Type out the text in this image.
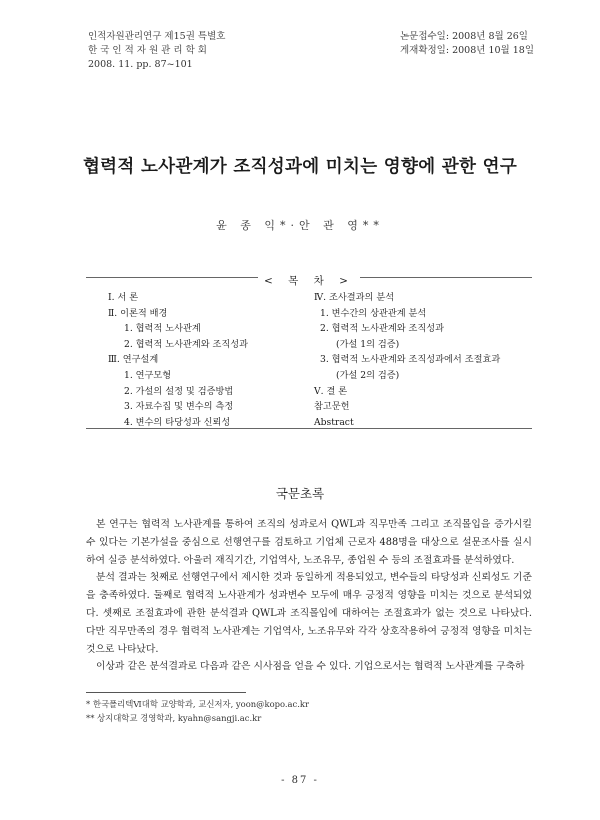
인적자원관리연구 제15권 특별호
한 국 인 적 자 원 관 리 학 회
2008. 11. pp. 87~101
논문접수일: 2008년 8월 26일
게재확정일: 2008년 10월 18일
협력적 노사관계가 조직성과에 미치는 영향에 관한 연구
윤 종 익*·안 관 영**
< 목 차 >
Ⅰ. 서 론
Ⅱ. 이론적 배경
1. 협력적 노사관계
2. 협력적 노사관계와 조직성과
Ⅲ. 연구설계
1. 연구모형
2. 가설의 설정 및 검증방법
3. 자료수집 및 변수의 측정
4. 변수의 타당성과 신뢰성
Ⅳ. 조사결과의 분석
1. 변수간의 상관관계 분석
2. 협력적 노사관계와 조직성과
(가설 1의 검증)
3. 협력적 노사관계와 조직성과에서 조절효과
(가설 2의 검증)
Ⅴ. 결 론
참고문헌
Abstract
국문초록

본 연구는 협력적 노사관계를 통하여 조직의 성과로서 QWL과 직무만족 그리고 조직몰입을 증가시킬 수 있다는 기본가설을 중심으로 선행연구를 검토하고 기업체 근로자 488명을 대상으로 설문조사를 실시하여 실증 분석하였다. 아울러 재직기간, 기업역사, 노조유무, 종업원 수 등의 조절효과를 분석하였다.

분석 결과는 첫째로 선행연구에서 제시한 것과 동일하게 적용되었고, 변수들의 타당성과 신뢰성도 기준을 충족하였다. 둘째로 협력적 노사관계가 성과변수 모두에 매우 긍정적 영향을 미치는 것으로 분석되었다. 셋째로 조절효과에 관한 분석결과 QWL과 조직몰입에 대하여는 조절효과가 없는 것으로 나타났다. 다만 직무만족의 경우 협력적 노사관계는 기업역사, 노조유무와 각각 상호작용하여 긍정적 영향을 미치는 것으로 나타났다.

이상과 같은 분석결과로 다음과 같은 시사점을 얻을 수 있다. 기업으로서는 협력적 노사관계를 구축하

* 한국폴리텍Ⅵ대학 교양학과, 교신저자, yoon@kopo.ac.kr
** 상지대학교 경영학과, kyahn@sangji.ac.kr
- 87 -
